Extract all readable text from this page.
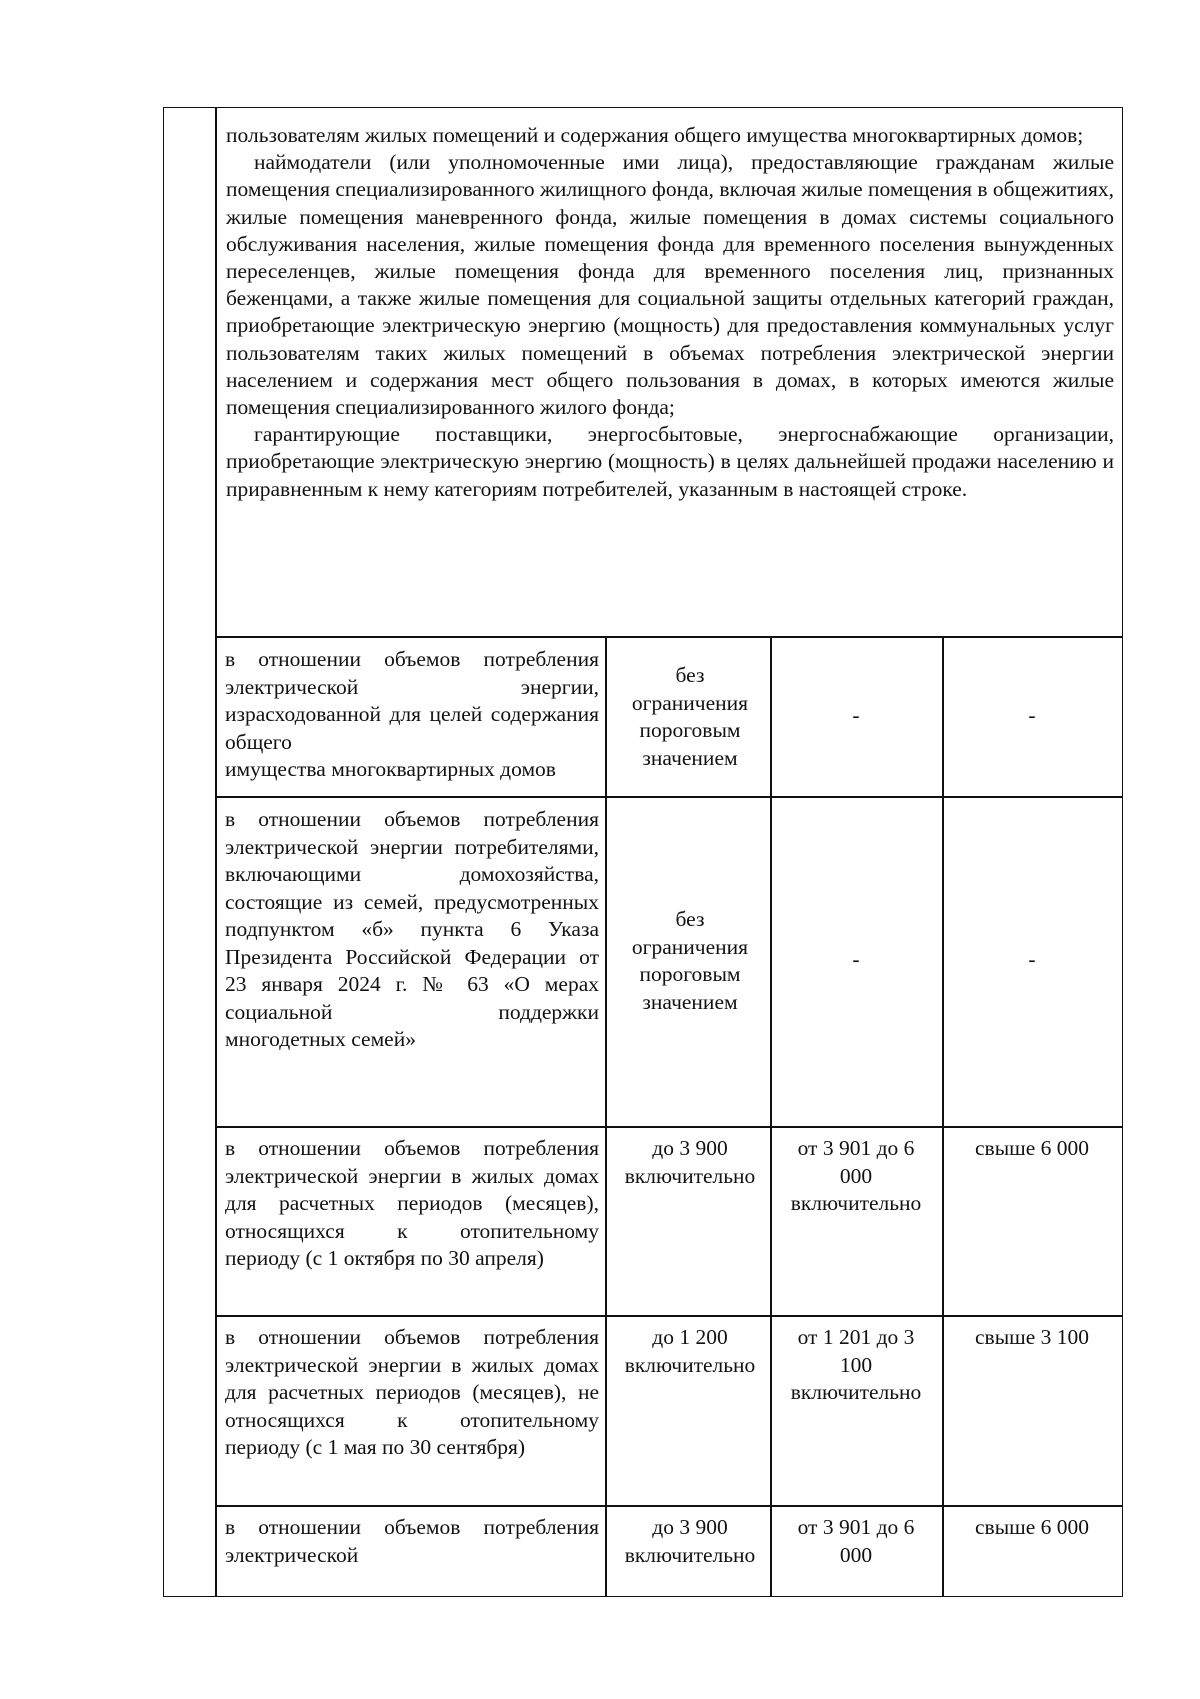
пользователям жилых помещений и содержания общего имущества многоквартирных домов;

наймодатели (или уполномоченные ими лица), предоставляющие гражданам жилые помещения специализированного жилищного фонда, включая жилые помещения в общежитиях, жилые помещения маневренного фонда, жилые помещения в домах системы социального обслуживания населения, жилые помещения фонда для временного поселения вынужденных переселенцев, жилые помещения фонда для временного поселения лиц, признанных беженцами, а также жилые помещения для социальной защиты отдельных категорий граждан, приобретающие электрическую энергию (мощность) для предоставления коммунальных услуг пользователям таких жилых помещений в объемах потребления электрической энергии населением и содержания мест общего пользования в домах, в которых имеются жилые помещения специализированного жилого фонда;

гарантирующие поставщики, энергосбытовые, энергоснабжающие организации, приобретающие электрическую энергию (мощность) в целях дальнейшей продажи населению и приравненным к нему категориям потребителей, указанным в настоящей строке.

в отношении объемов потребления электрической энергии, израсходованной для целей содержания общего
имущества многоквартирных домов
без ограничения пороговым значением
-	-
в отношении объемов потребления электрической энергии потребителями, включающими домохозяйства, состоящие из семей, предусмотренных подпунктом «б» пункта 6 Указа Президента Российской Федерации от 23 января 2024 г. № 63 «О мерах социальной поддержки
многодетных семей»
без ограничения пороговым значением
-	-
в отношении объемов потребления электрической энергии в жилых домах для расчетных периодов (месяцев), относящихся к отопительному
периоду (с 1 октября по 30 апреля)
до 3 900 включительно
от 3 901 до 6 000 включительно
свыше 6 000
в отношении объемов потребления электрической энергии в жилых домах для расчетных периодов (месяцев), не относящихся к отопительному
периоду (с 1 мая по 30 сентября)
до 1 200 включительно
от 1 201 до 3 100 включительно
свыше 3 100
в отношении объемов потребления электрической
до 3 900 включительно
от 3 901 до 6 000
свыше 6 000
